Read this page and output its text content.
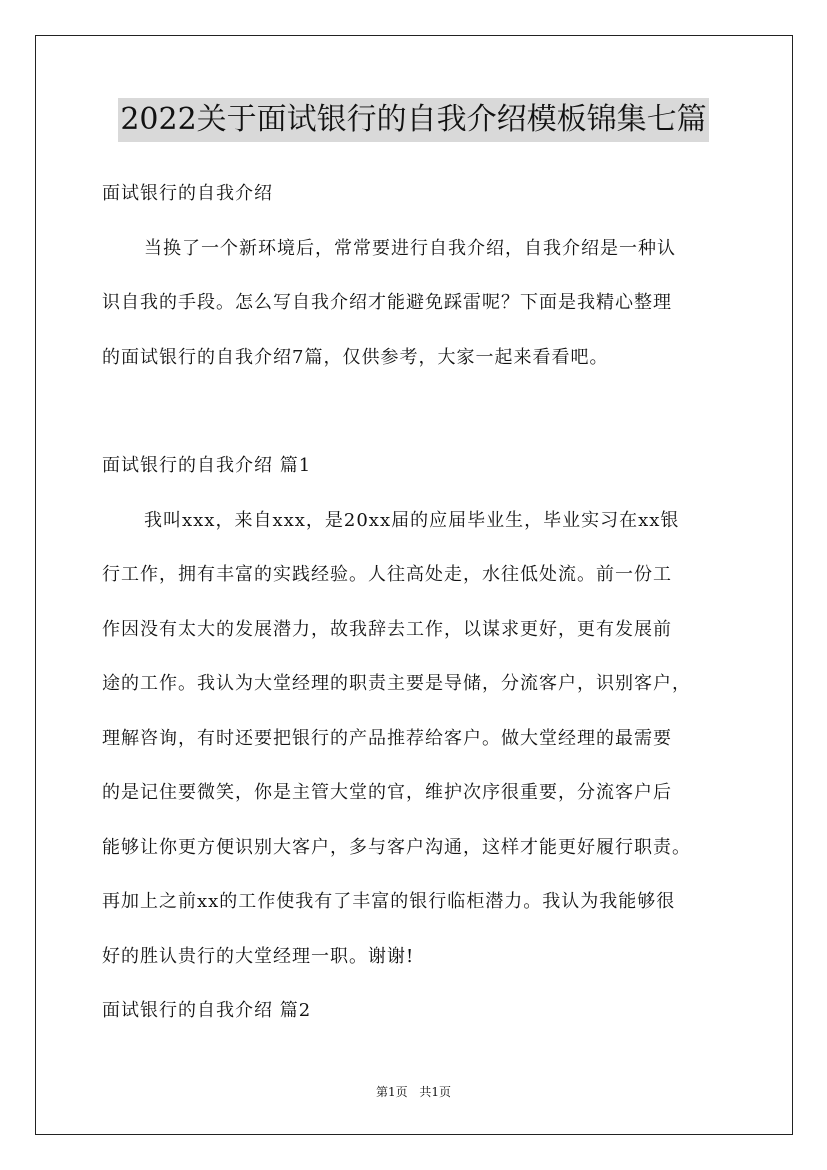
2022关于面试银行的自我介绍模板锦集七篇
面试银行的自我介绍
当换了一个新环境后，常常要进行自我介绍，自我介绍是一种认
识自我的手段。怎么写自我介绍才能避免踩雷呢？下面是我精心整理
的面试银行的自我介绍7篇，仅供参考，大家一起来看看吧。
面试银行的自我介绍 篇1
我叫xxx，来自xxx，是20xx届的应届毕业生，毕业实习在xx银
行工作，拥有丰富的实践经验。人往高处走，水往低处流。前一份工
作因没有太大的发展潜力，故我辞去工作，以谋求更好，更有发展前
途的工作。我认为大堂经理的职责主要是导储，分流客户，识别客户，
理解咨询，有时还要把银行的产品推荐给客户。做大堂经理的最需要
的是记住要微笑，你是主管大堂的官，维护次序很重要，分流客户后
能够让你更方便识别大客户，多与客户沟通，这样才能更好履行职责。
再加上之前xx的工作使我有了丰富的银行临柜潜力。我认为我能够很
好的胜认贵行的大堂经理一职。谢谢!
面试银行的自我介绍 篇2
第1页 共1页
